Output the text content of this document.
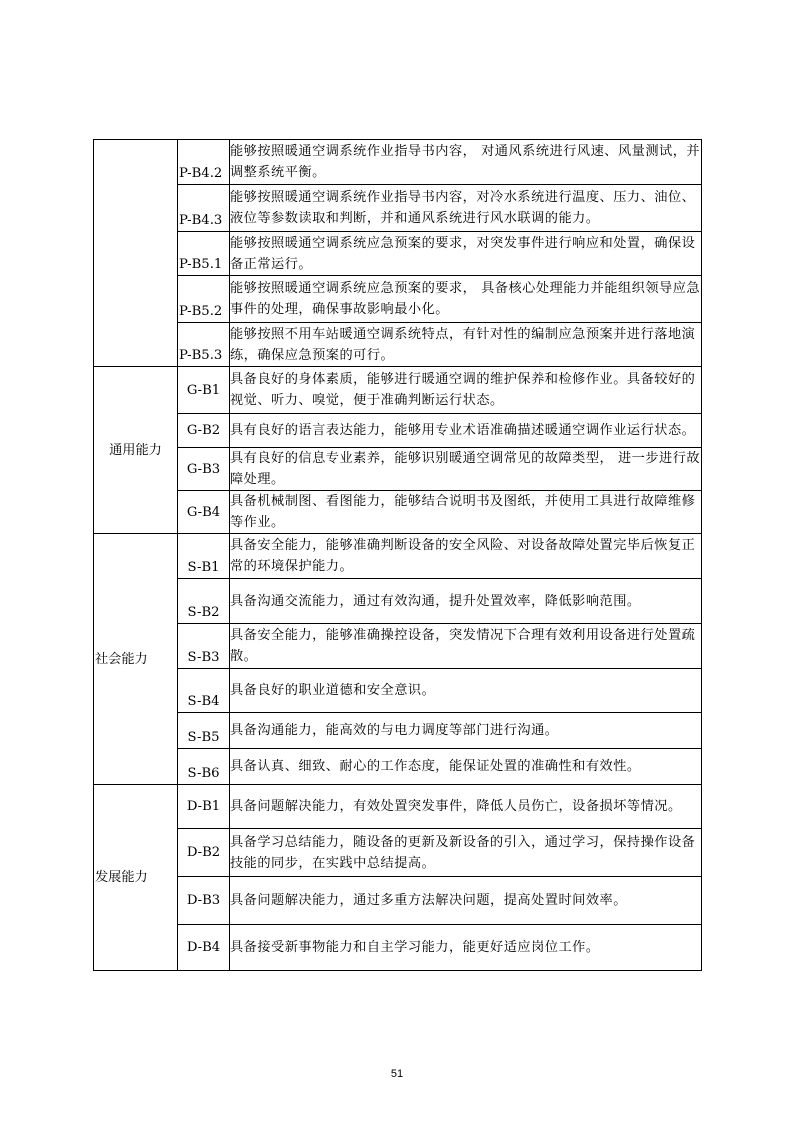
	P-B4.2	能够按照暖通空调系统作业指导书内容， 对通风系统进行风速、风量测试，并调整系统平衡。
	P-B4.3	能够按照暖通空调系统作业指导书内容，对冷水系统进行温度、压力、油位、液位等参数读取和判断，并和通风系统进行风水联调的能力。
	P-B5.1	能够按照暖通空调系统应急预案的要求，对突发事件进行响应和处置，确保设备正常运行。
	P-B5.2	能够按照暖通空调系统应急预案的要求， 具备核心处理能力并能组织领导应急事件的处理，确保事故影响最小化。
	P-B5.3	能够按照不用车站暖通空调系统特点，有针对性的编制应急预案并进行落地演练，确保应急预案的可行。
通用能力	G-B1	具备良好的身体素质，能够进行暖通空调的维护保养和检修作业。具备较好的视觉、听力、嗅觉，便于准确判断运行状态。
	G-B2	具有良好的语言表达能力，能够用专业术语准确描述暖通空调作业运行状态。
	G-B3	具有良好的信息专业素养，能够识别暖通空调常见的故障类型， 进一步进行故障处理。
	G-B4	具备机械制图、看图能力，能够结合说明书及图纸，并使用工具进行故障维修等作业。
社会能力	S-B1	具备安全能力，能够准确判断设备的安全风险、对设备故障处置完毕后恢复正常的环境保护能力。
	S-B2	具备沟通交流能力，通过有效沟通，提升处置效率，降低影响范围。
	S-B3	具备安全能力，能够准确操控设备，突发情况下合理有效利用设备进行处置疏散。
	S-B4	具备良好的职业道德和安全意识。
	S-B5	具备沟通能力，能高效的与电力调度等部门进行沟通。
	S-B6	具备认真、细致、耐心的工作态度，能保证处置的准确性和有效性。
发展能力	D-B1	具备问题解决能力，有效处置突发事件，降低人员伤亡，设备损坏等情况。
	D-B2	具备学习总结能力，随设备的更新及新设备的引入，通过学习，保持操作设备技能的同步，在实践中总结提高。
	D-B3	具备问题解决能力，通过多重方法解决问题，提高处置时间效率。
	D-B4	具备接受新事物能力和自主学习能力，能更好适应岗位工作。
51
